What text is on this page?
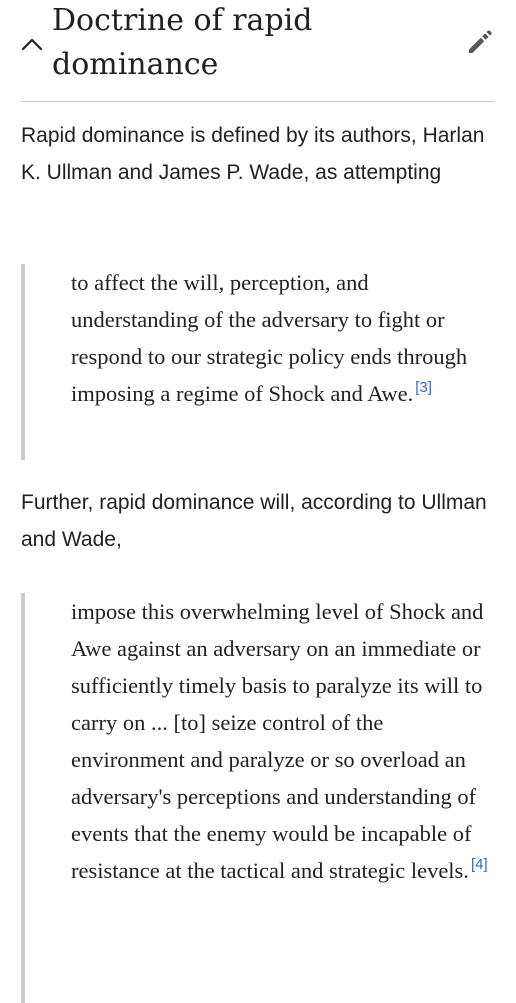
Doctrine of rapid dominance

Rapid dominance is defined by its authors, Harlan K. Ullman and James P. Wade, as attempting

to affect the will, perception, and understanding of the adversary to fight or respond to our strategic policy ends through imposing a regime of Shock and Awe. [3]

Further, rapid dominance will, according to Ullman and Wade,

impose this overwhelming level of Shock and Awe against an adversary on an immediate or sufficiently timely basis to paralyze its will to carry on ... [to] seize control of the environment and paralyze or so overload an adversary's perceptions and understanding of events that the enemy would be incapable of resistance at the tactical and strategic levels. [4]
